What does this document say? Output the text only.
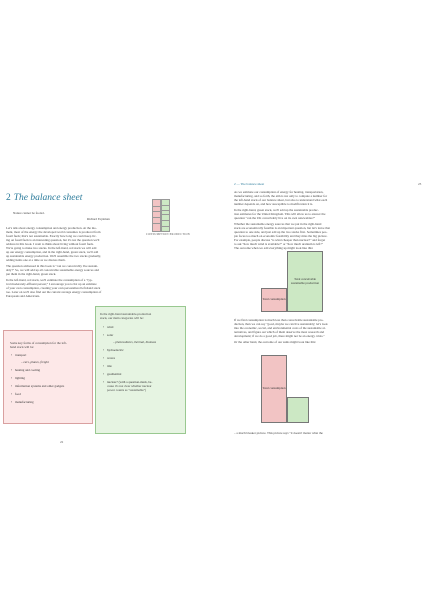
CONSUMPTION PRODUCTION
2 The balance sheet
Nature cannot be fooled.
Richard Feynman
Let's talk about energy consumption and energy production. At the mo-
ment, most of the energy the developed world consumes is produced from
fossil fuels; that's not sustainable. Exactly how long we could keep liv-
ing on fossil fuels is an interesting question, but it's not the question we'll
address in this book. I want to think about living without fossil fuels.
We're going to make two stacks. In the left-hand, red stack we will add
up our energy consumption, and in the right-hand, green stack, we'll add
up sustainable energy production. We'll assemble the two stacks gradually,
adding items one at a time as we discuss them.
The question addressed in this book is "can we conceivably live sustain-
ably?" So, we will add up all conceivable sustainable energy sources and
put them in the right-hand, green stack.
In the left-hand, red stack, we'll estimate the consumption of a "typ-
ical moderately-affluent person;" I encourage you to list up an estimate
of your own consumption, creating your own personalized left-hand stack
too. Later on we'll also find out the current average energy consumption of
Europeans and Americans.
Some key forms of consumption for the left-
hand stack will be:
• transport
– cars, planes, freight
• heating and cooling
• lighting
• information systems and other gadgets
• food
• manufacturing
In the right-hand sustainable-production
stack, our main categories will be:
• wind
• solar
– photovoltaics, thermal, biomass
• hydroelectric
• waves
• tide
• geothermal
• nuclear? (with a question-mark, be-
cause it's not clear whether nuclear
power counts as "sustainable")
22
2 — The balance sheet	23
As we estimate our consumption of energy for heating, transportation,
manufacturing, and so forth, the aim is not only to compute a number for
the left-hand stack of our balance sheet, but also to understand what each
number depends on, and how susceptible to modification it is.
In the right-hand, green stack, we'll add up the sustainable produc-
tion estimates for the United Kingdom. This will allow us to answer the
question "can the UK conceivably live on its own renewables?"
Whether the sustainable energy sources that we put in the right-hand
stack are economically feasible is an important question, but let's leave that
question to one side, and just add up the two stacks first. Sometimes peo-
ple focus too much on economic feasibility and they miss the big picture.
For example, people discuss "is wind cheaper than nuclear?" and forget
to ask "how much wind is available?" or "how much uranium is left?"
The outcome when we add everything up might look like this:
Total consumption
Total conceivable sustainable production
If we find consumption is much less than conceivable sustainable pro-
duction, then we can say "good, maybe we can live sustainably; let's look
into the economic, social, and environmental costs of the sustainable al-
ternatives, and figure out which of them deserve the most research and
development; if we do a good job, there might not be an energy crisis."
Or the other hand, the outcome of our sums might look like this:
Total consumption
– a much bleaker picture. This picture says "it doesn't matter what the
